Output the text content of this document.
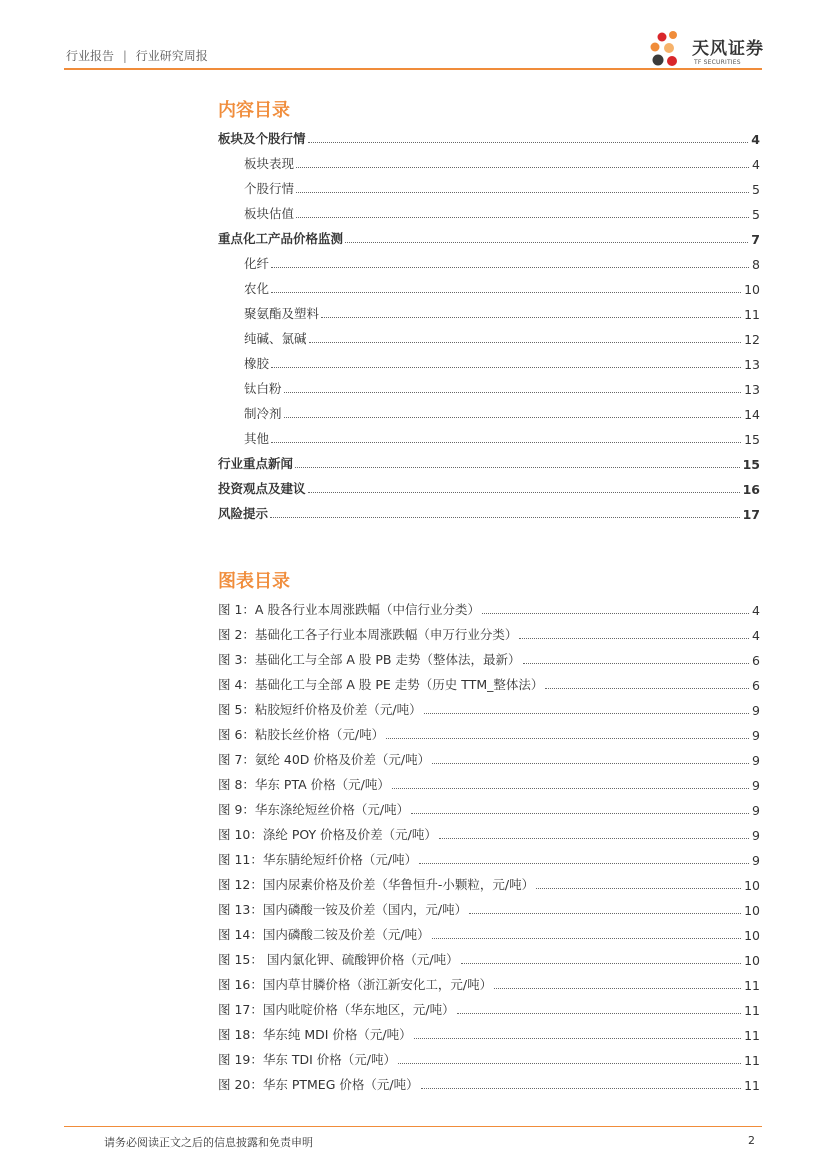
行业报告 | 行业研究周报	天风证券
TF SECURITIES
内容目录
板块及个股行情	4
板块表现	4
个股行情	5
板块估值	5
重点化工产品价格监测	7
化纤	8
农化	10
聚氨酯及塑料	11
纯碱、氯碱	12
橡胶	13
钛白粉	13
制冷剂	14
其他	15
行业重点新闻	15
投资观点及建议	16
风险提示	17
图表目录
图 1：A 股各行业本周涨跌幅（中信行业分类）	4
图 2：基础化工各子行业本周涨跌幅（申万行业分类）	4
图 3：基础化工与全部 A 股 PB 走势（整体法，最新）	6
图 4：基础化工与全部 A 股 PE 走势（历史 TTM_整体法）	6
图 5：粘胶短纤价格及价差（元/吨）	9
图 6：粘胶长丝价格（元/吨）	9
图 7：氨纶 40D 价格及价差（元/吨）	9
图 8：华东 PTA 价格（元/吨）	9
图 9：华东涤纶短丝价格（元/吨）	9
图 10：涤纶 POY 价格及价差（元/吨）	9
图 11：华东腈纶短纤价格（元/吨）	9
图 12：国内尿素价格及价差（华鲁恒升-小颗粒，元/吨）	10
图 13：国内磷酸一铵及价差（国内，元/吨）	10
图 14：国内磷酸二铵及价差（元/吨）	10
图 15： 国内氯化钾、硫酸钾价格（元/吨）	10
图 16：国内草甘膦价格（浙江新安化工，元/吨）	11
图 17：国内吡啶价格（华东地区，元/吨）	11
图 18：华东纯 MDI 价格（元/吨）	11
图 19：华东 TDI 价格（元/吨）	11
图 20：华东 PTMEG 价格（元/吨）	11
请务必阅读正文之后的信息披露和免责申明	2
